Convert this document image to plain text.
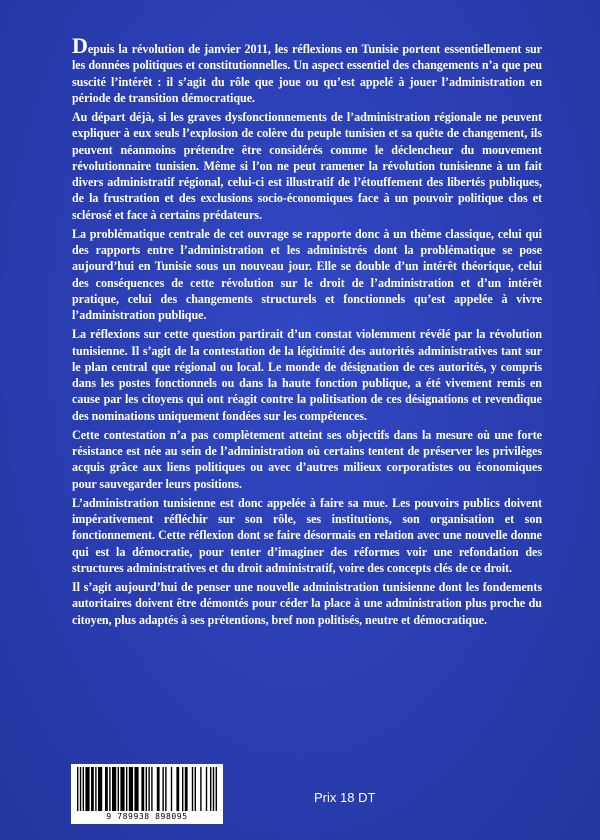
Depuis la révolution de janvier 2011, les réflexions en Tunisie portent essentiellement sur les données politiques et constitutionnelles. Un aspect essentiel des changements n’a que peu suscité l’intérêt : il s’agit du rôle que joue ou qu’est appelé à jouer l’administration en période de transition démocratique.

Au départ déjà, si les graves dysfonctionnements de l’administration régionale ne peuvent expliquer à eux seuls l’explosion de colère du peuple tunisien et sa quête de changement, ils peuvent néanmoins prétendre être considérés comme le déclencheur du mouvement révolutionnaire tunisien. Même si l’on ne peut ramener la révolution tunisienne à un fait divers administratif régional, celui-ci est illustratif de l’étouffement des libertés publiques, de la frustration et des exclusions socio-économiques face à un pouvoir politique clos et sclérosé et face à certains prédateurs.

La problématique centrale de cet ouvrage se rapporte donc à un thème classique, celui qui des rapports entre l’administration et les administrés dont la problématique se pose aujourd’hui en Tunisie sous un nouveau jour. Elle se double d’un intérêt théorique, celui des conséquences de cette révolution sur le droit de l’administration et d’un intérêt pratique, celui des changements structurels et fonctionnels qu’est appelée à vivre l’administration publique.

La réflexions sur cette question partirait d’un constat violemment révélé par la révolution tunisienne. Il s’agit de la contestation de la légitimité des autorités administratives tant sur le plan central que régional ou local. Le monde de désignation de ces autorités, y compris dans les postes fonctionnels ou dans la haute fonction publique, a été vivement remis en cause par les citoyens qui ont réagit contre la politisation de ces désignations et revendique des nominations uniquement fondées sur les compétences.

Cette contestation n’a pas complètement atteint ses objectifs dans la mesure où une forte résistance est née au sein de l’administration où certains tentent de préserver les privilèges acquis grâce aux liens politiques ou avec d’autres milieux corporatistes ou économiques pour sauvegarder leurs positions.

L’administration tunisienne est donc appelée à faire sa mue. Les pouvoirs publics doivent impérativement réfléchir sur son rôle, ses institutions, son organisation et son fonctionnement. Cette réflexion dont se faire désormais en relation avec une nouvelle donne qui est la démocratie, pour tenter d’imaginer des réformes voir une refondation des structures administratives et du droit administratif, voire des concepts clés de ce droit.

Il s’agit aujourd’hui de penser une nouvelle administration tunisienne dont les fondements autoritaires doivent être démontés pour céder la place à une administration plus proche du citoyen, plus adaptés à ses prétentions, bref non politisés, neutre et démocratique.

9 789938 898095
Prix 18 DT
